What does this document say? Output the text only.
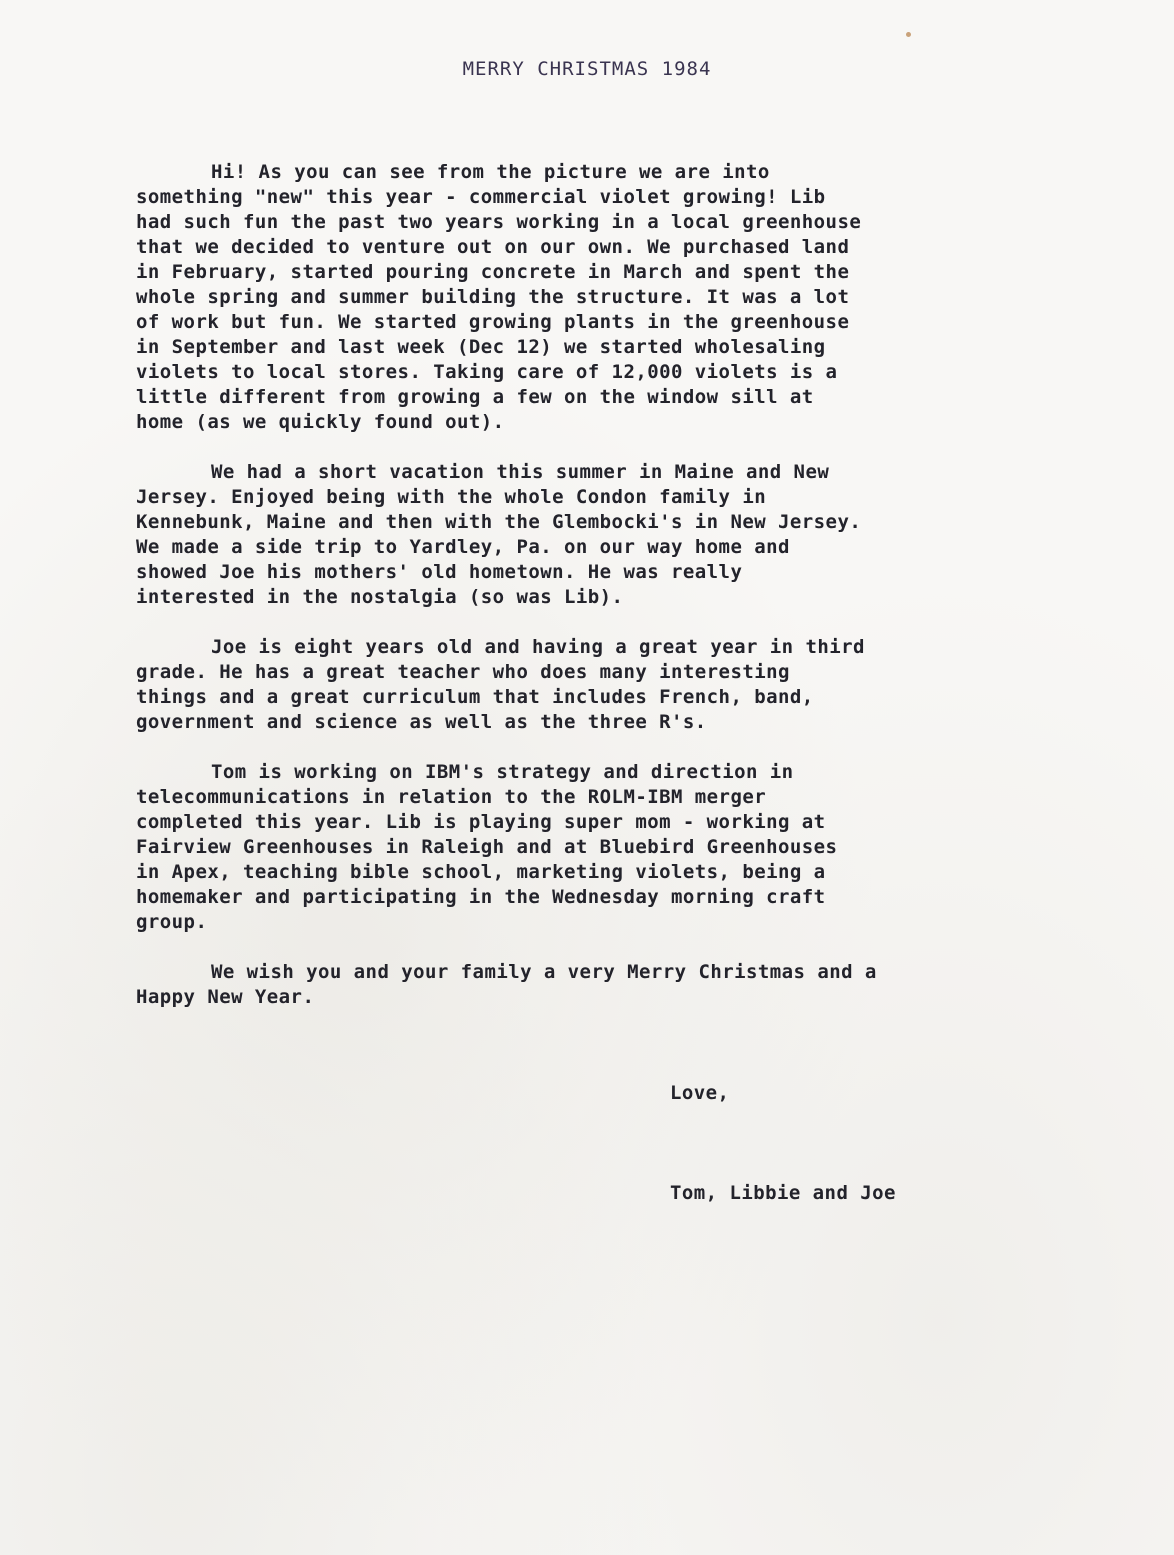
MERRY CHRISTMAS 1984

Hi! As you can see from the picture we are into
something "new" this year - commercial violet growing! Lib
had such fun the past two years working in a local greenhouse
that we decided to venture out on our own. We purchased land
in February, started pouring concrete in March and spent the
whole spring and summer building the structure. It was a lot
of work but fun. We started growing plants in the greenhouse
in September and last week (Dec 12) we started wholesaling
violets to local stores. Taking care of 12,000 violets is a
little different from growing a few on the window sill at
home (as we quickly found out).

We had a short vacation this summer in Maine and New
Jersey. Enjoyed being with the whole Condon family in
Kennebunk, Maine and then with the Glembocki's in New Jersey.
We made a side trip to Yardley, Pa. on our way home and
showed Joe his mothers' old hometown. He was really
interested in the nostalgia (so was Lib).

Joe is eight years old and having a great year in third
grade. He has a great teacher who does many interesting
things and a great curriculum that includes French, band,
government and science as well as the three R's.

Tom is working on IBM's strategy and direction in
telecommunications in relation to the ROLM-IBM merger
completed this year. Lib is playing super mom - working at
Fairview Greenhouses in Raleigh and at Bluebird Greenhouses
in Apex, teaching bible school, marketing violets, being a
homemaker and participating in the Wednesday morning craft
group.

We wish you and your family a very Merry Christmas and a
Happy New Year.

Love,
Tom, Libbie and Joe
